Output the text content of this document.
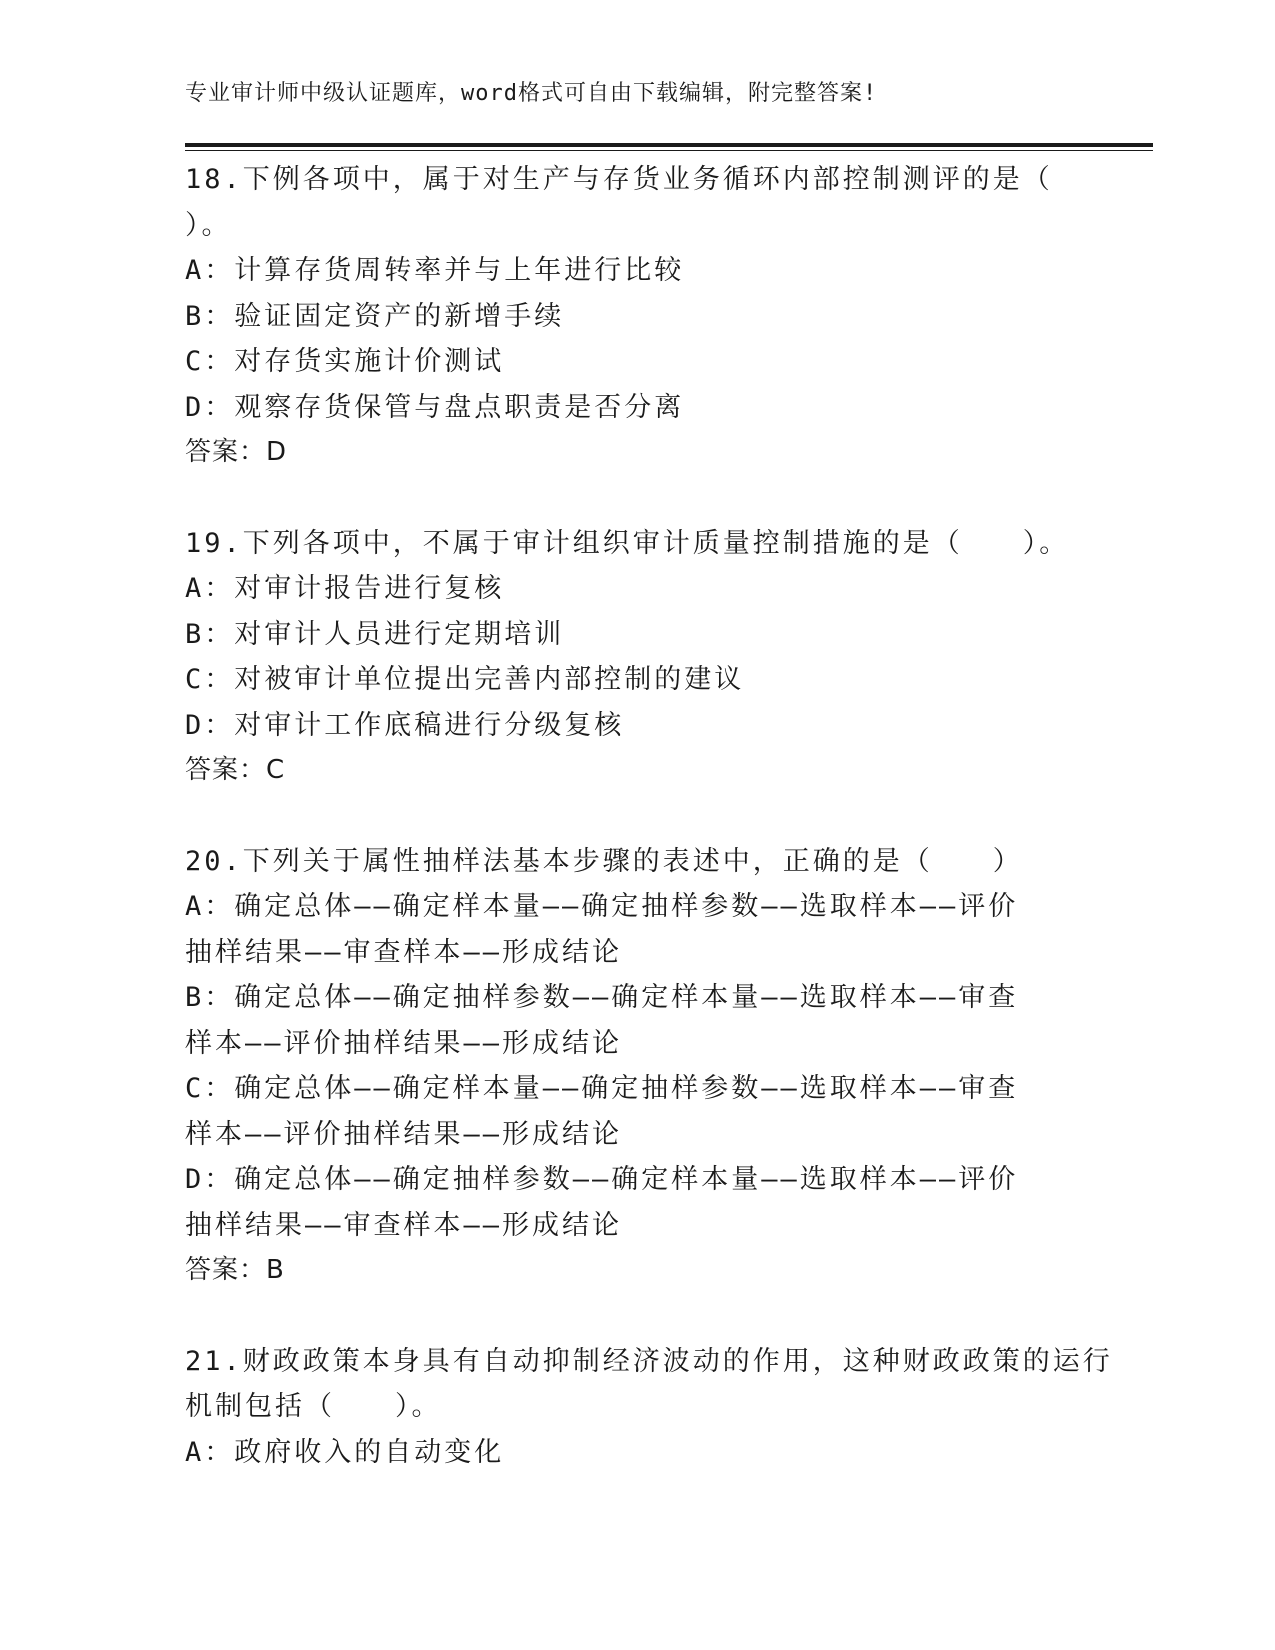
专业审计师中级认证题库，word格式可自由下载编辑，附完整答案!
18.下例各项中，属于对生产与存货业务循环内部控制测评的是（
）。
A：计算存货周转率并与上年进行比较
B：验证固定资产的新增手续
C：对存货实施计价测试
D：观察存货保管与盘点职责是否分离
答案：D
19.下列各项中，不属于审计组织审计质量控制措施的是（　　）。
A：对审计报告进行复核
B：对审计人员进行定期培训
C：对被审计单位提出完善内部控制的建议
D：对审计工作底稿进行分级复核
答案：C
20.下列关于属性抽样法基本步骤的表述中，正确的是（　　）
A：确定总体——确定样本量——确定抽样参数——选取样本——评价
抽样结果——审查样本——形成结论
B：确定总体——确定抽样参数——确定样本量——选取样本——审查
样本——评价抽样结果——形成结论
C：确定总体——确定样本量——确定抽样参数——选取样本——审查
样本——评价抽样结果——形成结论
D：确定总体——确定抽样参数——确定样本量——选取样本——评价
抽样结果——审查样本——形成结论
答案：B
21.财政政策本身具有自动抑制经济波动的作用，这种财政政策的运行
机制包括（　　）。
A：政府收入的自动变化
